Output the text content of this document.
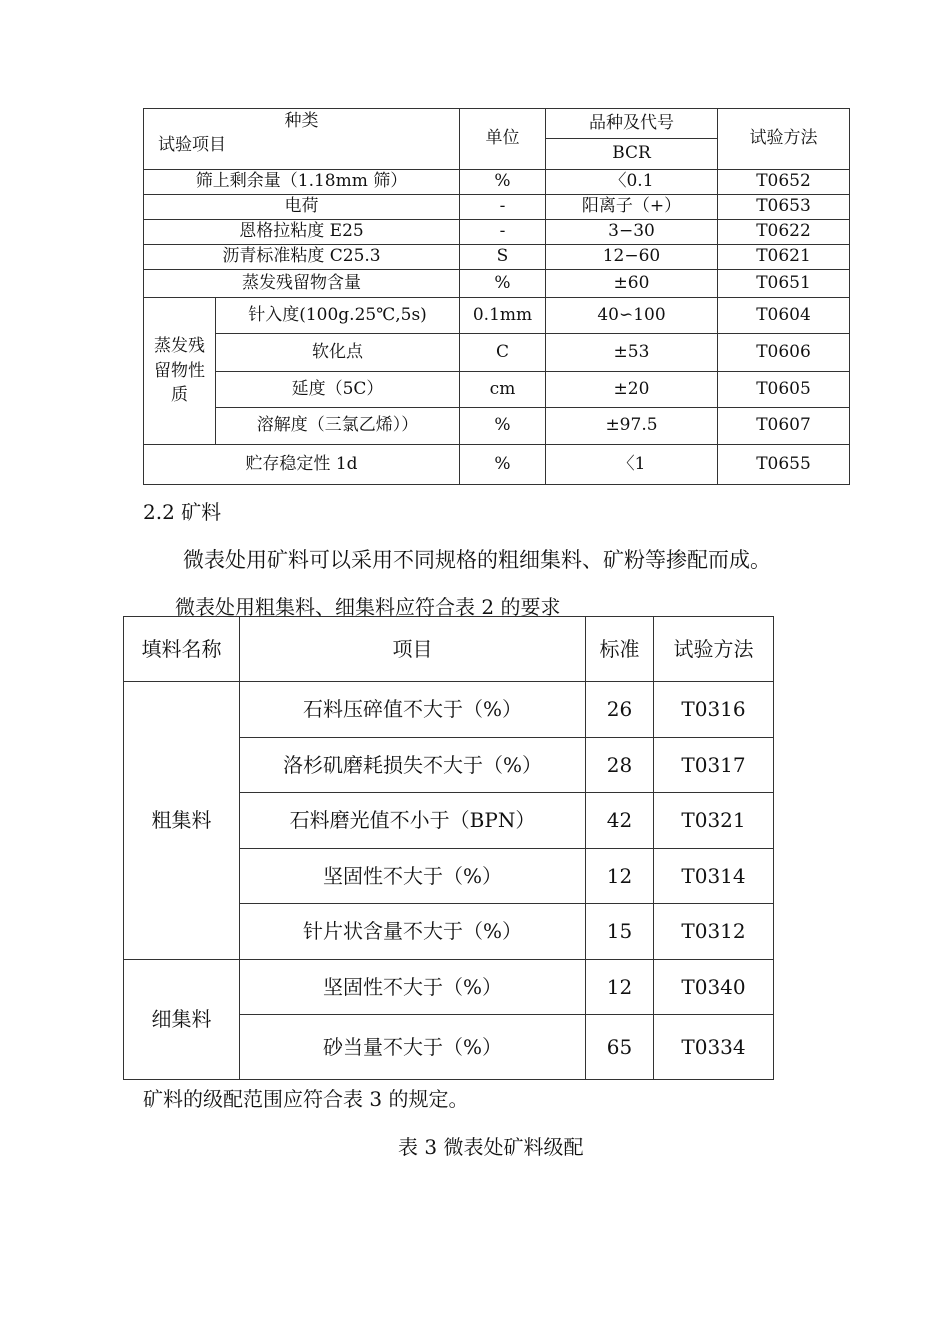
种类
试验项目		单位	品种及代号	试验方法
			BCR	
筛上剩余量（1.18mm 筛）		%	〈0.1	T0652
电荷		-	阳离子（+）	T0653
恩格拉粘度 E25		-	3−30	T0622
沥青标准粘度 C25.3		S	12−60	T0621
蒸发残留物含量		%	±60	T0651
蒸发残留物性质	针入度(100g.25℃,5s)	0.1mm	40∽100	T0604
	软化点	C	±53	T0606
	延度（5C）	cm	±20	T0605
	溶解度（三氯乙烯））	%	±97.5	T0607
贮存稳定性 1d		%	〈1	T0655
2.2 矿料
微表处用矿料可以采用不同规格的粗细集料、矿粉等掺配而成。
微表处用粗集料、细集料应符合表 2 的要求
填料名称	项目	标准	试验方法
粗集料	石料压碎值不大于（%）	26	T0316
	洛杉矶磨耗损失不大于（%）	28	T0317
	石料磨光值不小于（BPN）	42	T0321
	坚固性不大于（%）	12	T0314
	针片状含量不大于（%）	15	T0312
细集料	坚固性不大于（%）	12	T0340
	砂当量不大于（%）	65	T0334
矿料的级配范围应符合表 3 的规定。
表 3 微表处矿料级配
